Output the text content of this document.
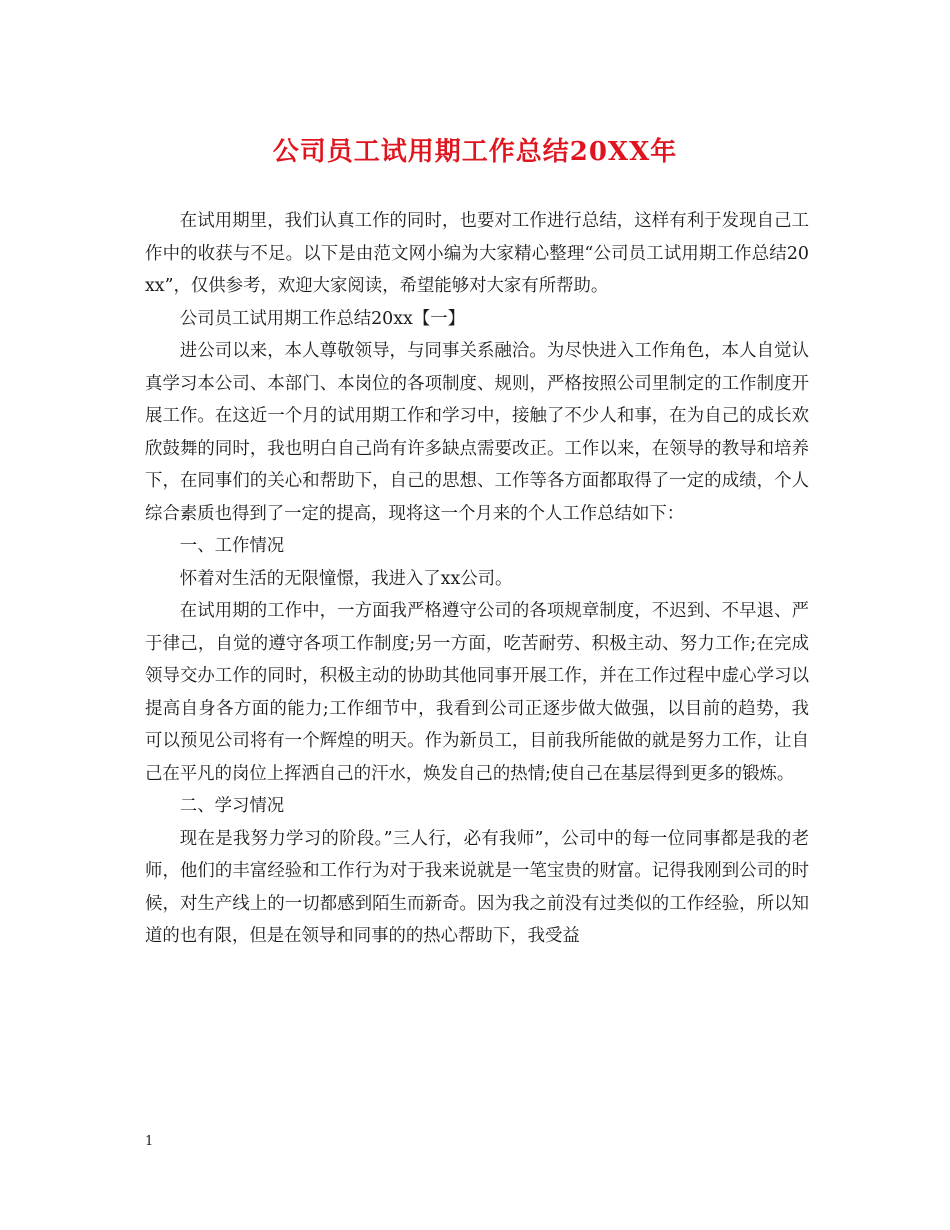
公司员工试用期工作总结20XX年

在试用期里，我们认真工作的同时，也要对工作进行总结，这样有利于发现自己工作中的收获与不足。以下是由范文网小编为大家精心整理“公司员工试用期工作总结20xx”，仅供参考，欢迎大家阅读，希望能够对大家有所帮助。

公司员工试用期工作总结20xx【一】

进公司以来，本人尊敬领导，与同事关系融洽。为尽快进入工作角色，本人自觉认真学习本公司、本部门、本岗位的各项制度、规则，严格按照公司里制定的工作制度开展工作。在这近一个月的试用期工作和学习中，接触了不少人和事，在为自己的成长欢欣鼓舞的同时，我也明白自己尚有许多缺点需要改正。工作以来，在领导的教导和培养下，在同事们的关心和帮助下，自己的思想、工作等各方面都取得了一定的成绩，个人综合素质也得到了一定的提高，现将这一个月来的个人工作总结如下：

一、工作情况

怀着对生活的无限憧憬，我进入了xx公司。

在试用期的工作中，一方面我严格遵守公司的各项规章制度，不迟到、不早退、严于律己，自觉的遵守各项工作制度;另一方面，吃苦耐劳、积极主动、努力工作;在完成领导交办工作的同时，积极主动的协助其他同事开展工作，并在工作过程中虚心学习以提高自身各方面的能力;工作细节中，我看到公司正逐步做大做强，以目前的趋势，我可以预见公司将有一个辉煌的明天。作为新员工，目前我所能做的就是努力工作，让自己在平凡的岗位上挥洒自己的汗水，焕发自己的热情;使自己在基层得到更多的锻炼。

二、学习情况

现在是我努力学习的阶段。”三人行，必有我师”，公司中的每一位同事都是我的老师，他们的丰富经验和工作行为对于我来说就是一笔宝贵的财富。记得我刚到公司的时候，对生产线上的一切都感到陌生而新奇。因为我之前没有过类似的工作经验，所以知道的也有限，但是在领导和同事的的热心帮助下，我受益

1
